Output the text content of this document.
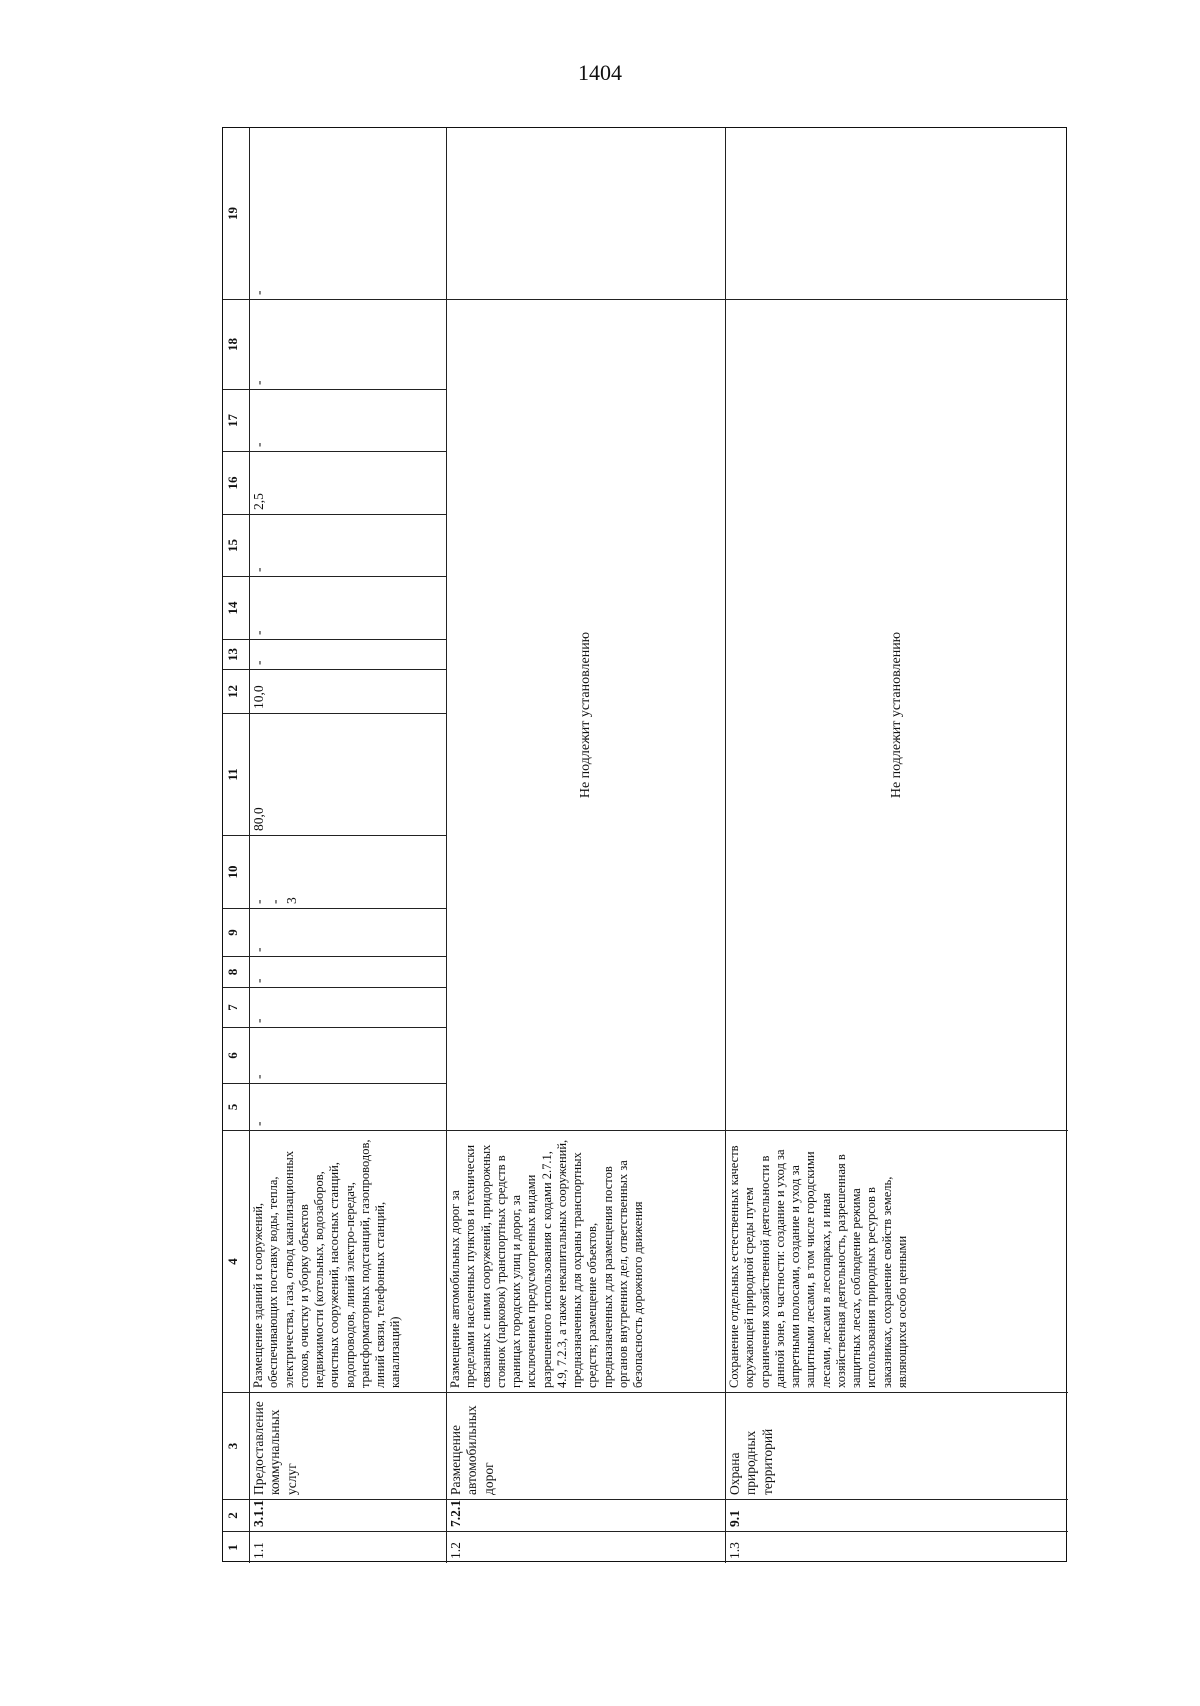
1404
1
2
3
4
5
6
7
8
9
10
11
12
13
14
15
16
17
18
19
1.1
3.1.1
Предоставление коммунальных услуг
Размещение зданий и сооружений, обеспечивающих поставку воды, тепла, электричества, газа, отвод канализационных стоков, очистку и уборку объектов недвижимости (котельных, водозаборов, очистных сооружений, насосных станций, водопроводов, линий электро-передач, трансформаторных подстанций, газопроводов, линий связи, телефонных станций, канализаций)
-
-
-
-
-
- - 3
80,0
10,0
-
-
-
2,5
-
-
-
1.2
7.2.1
Размещение автомобильных дорог
Размещение автомобильных дорог за пределами населенных пунктов и технически связанных с ними сооружений, придорожных стоянок (парковок) транспортных средств в границах городских улиц и дорог, за исключением предусмотренных видами разрешенного использования с кодами 2.7.1, 4.9, 7.2.3, а также некапитальных сооружений, предназначенных для охраны транспортных средств; размещение объектов, предназначенных для размещения постов органов внутренних дел, ответственных за безопасность дорожного движения
Не подлежит установлению
1.3
9.1
Охрана природных территорий
Сохранение отдельных естественных качеств окружающей природной среды путем ограничения хозяйственной деятельности в данной зоне, в частности: создание и уход за запретными полосами, создание и уход за защитными лесами, в том числе городскими лесами, лесами в лесопарках, и иная хозяйственная деятельность, разрешенная в защитных лесах, соблюдение режима использования природных ресурсов в заказниках, сохранение свойств земель, являющихся особо ценными
Не подлежит установлению
